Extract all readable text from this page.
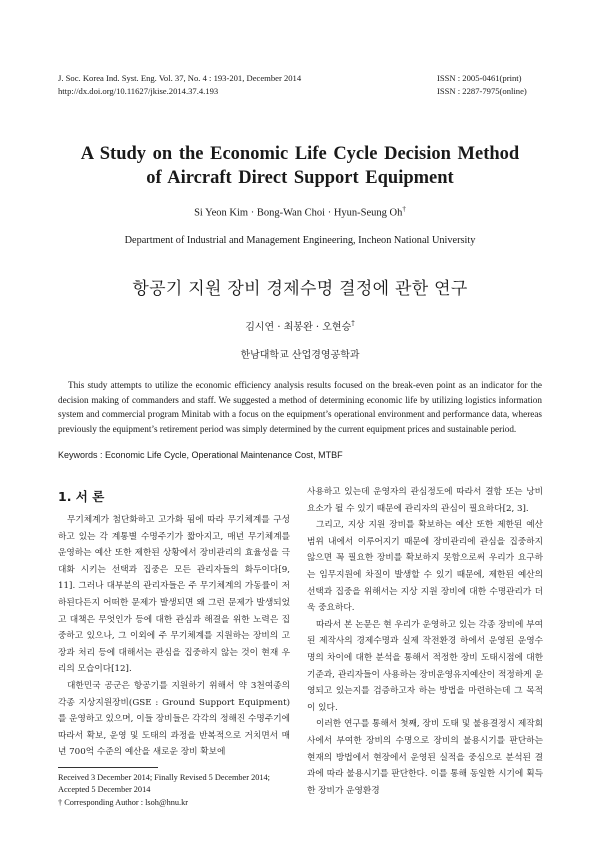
J. Soc. Korea Ind. Syst. Eng. Vol. 37, No. 4 : 193-201, December 2014
http://dx.doi.org/10.11627/jkise.2014.37.4.193
ISSN : 2005-0461(print)
ISSN : 2287-7975(online)
A Study on the Economic Life Cycle Decision Method
of Aircraft Direct Support Equipment
Si Yeon Kim · Bong-Wan Choi · Hyun-Seung Oh†
Department of Industrial and Management Engineering, Incheon National University
항공기 지원 장비 경제수명 결정에 관한 연구
김시연 · 최봉완 · 오현승†
한남대학교 산업경영공학과

This study attempts to utilize the economic efficiency analysis results focused on the break-even point as an indicator for the decision making of commanders and staff. We suggested a method of determining economic life by utilizing logistics information system and commercial program Minitab with a focus on the equipment’s operational environment and performance data, whereas previously the equipment’s retirement period was simply determined by the current equipment prices and sustainable period.

Keywords : Economic Life Cycle, Operational Maintenance Cost, MTBF
1. 서 론

무기체계가 첨단화하고 고가화 됨에 따라 무기체계를 구성하고 있는 각 계통별 수명주기가 짧아지고, 매년 무기체계를 운영하는 예산 또한 제한된 상황에서 장비관리의 효율성을 극대화 시키는 선택과 집중은 모든 관리자들의 화두이다[9, 11]. 그러나 대부분의 관리자들은 주 무기체계의 가동률이 저하된다든지 어떠한 문제가 발생되면 왜 그런 문제가 발생되었고 대책은 무엇인가 등에 대한 관심과 해결을 위한 노력은 집중하고 있으나, 그 이외에 주 무기체계를 지원하는 장비의 고장과 처리 등에 대해서는 관심을 집중하지 않는 것이 현재 우리의 모습이다[12].

대한민국 공군은 항공기를 지원하기 위해서 약 3천여종의 각종 지상지원장비(GSE : Ground Support Equipment)를 운영하고 있으며, 이들 장비들은 각각의 정해진 수명주기에 따라서 확보, 운영 및 도태의 과정을 반복적으로 거치면서 매년 700억 수준의 예산을 새로운 장비 확보에

사용하고 있는데 운영자의 관심정도에 따라서 결함 또는 낭비요소가 될 수 있기 때문에 관리자의 관심이 필요하다[2, 3].

그리고, 지상 지원 장비를 확보하는 예산 또한 제한된 예산 범위 내에서 이루어지기 때문에 장비관리에 관심을 집중하지 않으면 꼭 필요한 장비를 확보하지 못함으로써 우리가 요구하는 임무지원에 차질이 발생할 수 있기 때문에, 제한된 예산의 선택과 집중을 위해서는 지상 지원 장비에 대한 수명관리가 더욱 중요하다.

따라서 본 논문은 현 우리가 운영하고 있는 각종 장비에 부여된 제작사의 경제수명과 실제 작전환경 하에서 운영된 운영수명의 차이에 대한 분석을 통해서 적정한 장비 도태시점에 대한 기준과, 관리자들이 사용하는 장비운영유지예산이 적정하게 운영되고 있는지를 검증하고자 하는 방법을 마련하는데 그 목적이 있다.

이러한 연구를 통해서 첫째, 장비 도태 및 불용결정시 제작회사에서 부여한 장비의 수명으로 장비의 불용시기를 판단하는 현재의 방법에서 현장에서 운영된 실적을 중심으로 분석된 결과에 따라 불용시기를 판단한다. 이를 통해 동일한 시기에 획득한 장비가 운영환경

Received 3 December 2014; Finally Revised 5 December 2014;
Accepted 5 December 2014
† Corresponding Author : lsoh@hnu.kr
